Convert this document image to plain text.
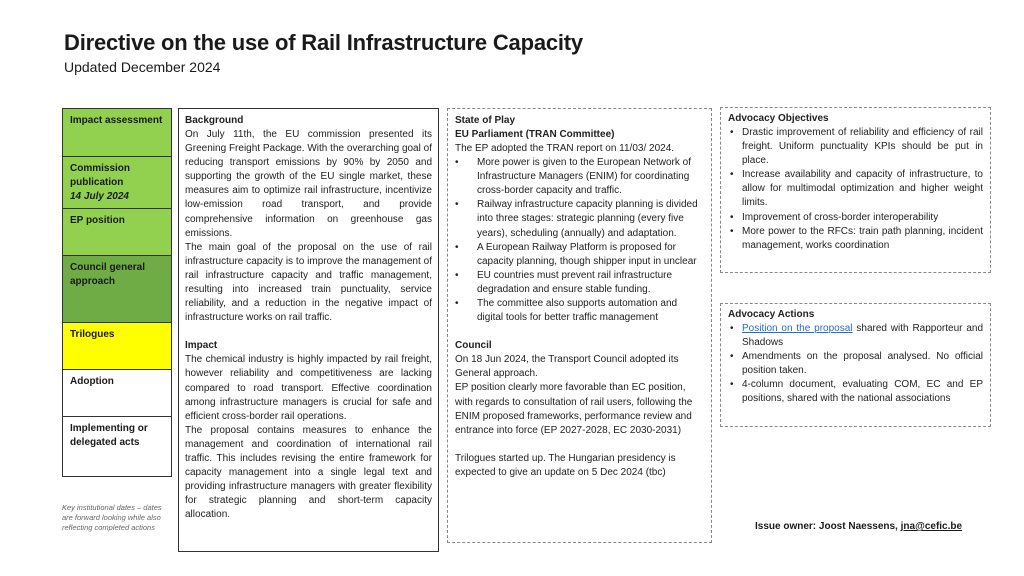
Directive on the use of Rail Infrastructure Capacity
Updated December 2024
Impact assessment
Commission publication
14 July 2024
EP position
Council general approach
Trilogues
Adoption
Implementing or delegated acts
Key institutional dates – dates are forward looking while also reflecting completed actions
Background

On July 11th, the EU commission presented its Greening Freight Package. With the overarching goal of reducing transport emissions by 90% by 2050 and supporting the growth of the EU single market, these measures aim to optimize rail infrastructure, incentivize low-emission road transport, and provide comprehensive information on greenhouse gas emissions.

The main goal of the proposal on the use of rail infrastructure capacity is to improve the management of rail infrastructure capacity and traffic management, resulting into increased train punctuality, service reliability, and a reduction in the negative impact of infrastructure works on rail traffic.

Impact

The chemical industry is highly impacted by rail freight, however reliability and competitiveness are lacking compared to road transport. Effective coordination among infrastructure managers is crucial for safe and efficient cross-border rail operations.

The proposal contains measures to enhance the management and coordination of international rail traffic. This includes revising the entire framework for capacity management into a single legal text and providing infrastructure managers with greater flexibility for strategic planning and short-term capacity allocation.

State of Play
EU Parliament (TRAN Committee)

The EP adopted the TRAN report on 11/03/ 2024.

• More power is given to the European Network of Infrastructure Managers (ENIM) for coordinating cross-border capacity and traffic.
• Railway infrastructure capacity planning is divided into three stages: strategic planning (every five years), scheduling (annually) and adaptation.
• A European Railway Platform is proposed for capacity planning, though shipper input in unclear
• EU countries must prevent rail infrastructure degradation and ensure stable funding.
• The committee also supports automation and digital tools for better traffic management
Council

On 18 Jun 2024, the Transport Council adopted its General approach.

EP position clearly more favorable than EC position, with regards to consultation of rail users, following the ENIM proposed frameworks, performance review and entrance into force (EP 2027-2028, EC 2030-2031)

Trilogues started up. The Hungarian presidency is expected to give an update on 5 Dec 2024 (tbc)

Advocacy Objectives
• Drastic improvement of reliability and efficiency of rail freight. Uniform punctuality KPIs should be put in place.
• Increase availability and capacity of infrastructure, to allow for multimodal optimization and higher weight limits.
• Improvement of cross-border interoperability
• More power to the RFCs: train path planning, incident management, works coordination
Advocacy Actions
• Position on the proposal shared with Rapporteur and Shadows
• Amendments on the proposal analysed. No official position taken.
• 4-column document, evaluating COM, EC and EP positions, shared with the national associations
Issue owner: Joost Naessens, jna@cefic.be
